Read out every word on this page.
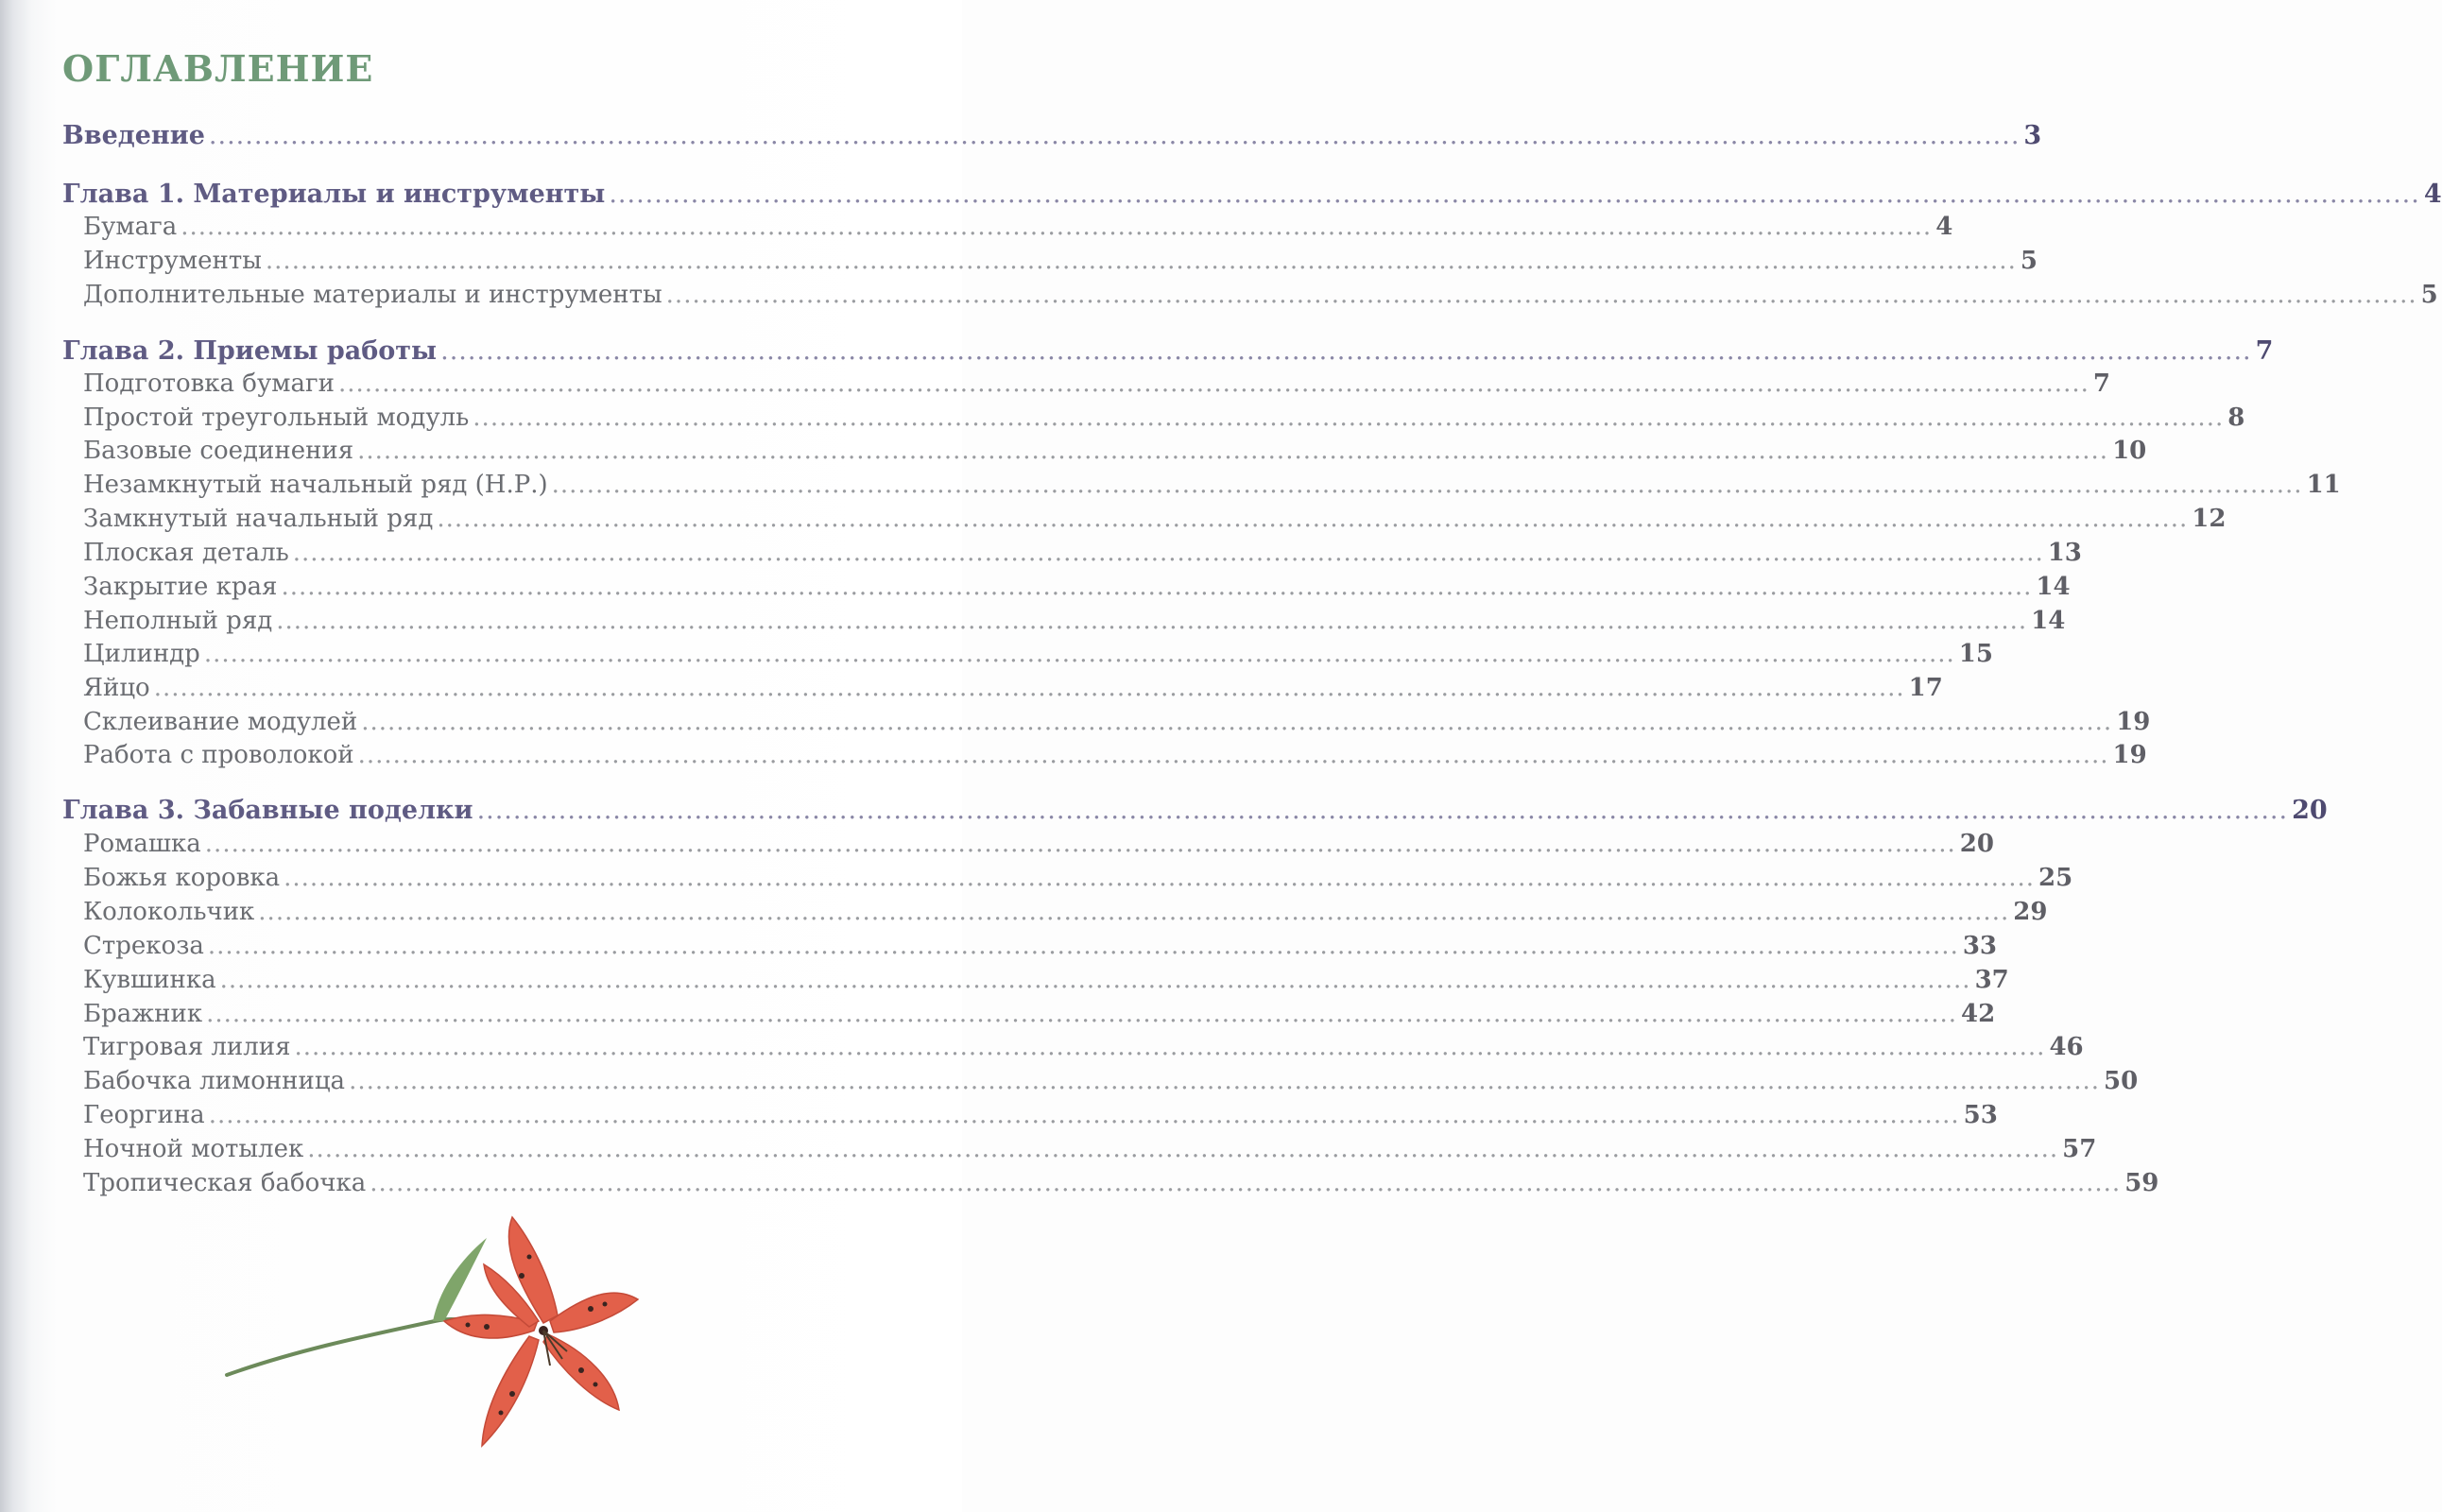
ОГЛАВЛЕНИЕ
Введение ........................................................................................................................................................................................................ 3
Глава 1. Материалы и инструменты ........................................................................................................................................................................................................ 4
Бумага ........................................................................................................................................................................................................ 4
Инструменты ........................................................................................................................................................................................................ 5
Дополнительные материалы и инструменты ........................................................................................................................................................................................................ 5
Глава 2. Приемы работы ........................................................................................................................................................................................................ 7
Подготовка бумаги ........................................................................................................................................................................................................ 7
Простой треугольный модуль ........................................................................................................................................................................................................ 8
Базовые соединения ........................................................................................................................................................................................................ 10
Незамкнутый начальный ряд (Н.Р.) ........................................................................................................................................................................................................ 11
Замкнутый начальный ряд ........................................................................................................................................................................................................ 12
Плоская деталь ........................................................................................................................................................................................................ 13
Закрытие края ........................................................................................................................................................................................................ 14
Неполный ряд ........................................................................................................................................................................................................ 14
Цилиндр ........................................................................................................................................................................................................ 15
Яйцо ........................................................................................................................................................................................................ 17
Склеивание модулей ........................................................................................................................................................................................................ 19
Работа с проволокой ........................................................................................................................................................................................................ 19
Глава 3. Забавные поделки ........................................................................................................................................................................................................ 20
Ромашка ........................................................................................................................................................................................................ 20
Божья коровка ........................................................................................................................................................................................................ 25
Колокольчик ........................................................................................................................................................................................................ 29
Стрекоза ........................................................................................................................................................................................................ 33
Кувшинка ........................................................................................................................................................................................................ 37
Бражник ........................................................................................................................................................................................................ 42
Тигровая лилия ........................................................................................................................................................................................................ 46
Бабочка лимонница ........................................................................................................................................................................................................ 50
Георгина ........................................................................................................................................................................................................ 53
Ночной мотылек ........................................................................................................................................................................................................ 57
Тропическая бабочка ........................................................................................................................................................................................................ 59
